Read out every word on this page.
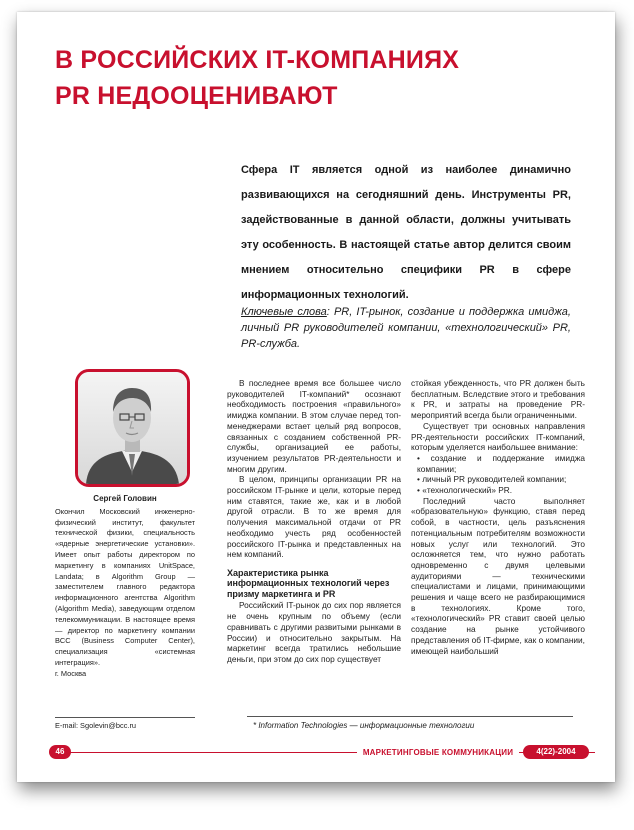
В РОССИЙСКИХ IT-КОМПАНИЯХ
PR НЕДООЦЕНИВАЮТ

Сфера IT является одной из наиболее динамично развивающихся на сегодняшний день. Инструменты PR, задействованные в данной области, должны учитывать эту особенность. В настоящей статье автор делится своим мнением относительно специфики PR в сфере информационных технологий.

Ключевые слова: PR, IT-рынок, создание и поддержка имиджа, личный PR руководителей компании, «технологический» PR, PR-служба.

Сергей Головин
Окончил Московский инженерно-физический институт, факультет технической физики, специальность «ядерные энергетические установки». Имеет опыт работы директором по маркетингу в компаниях UnitSpace, Landata; в Algorithm Group — заместителем главного редактора информационного агентства Algorithm (Algorithm Media), заведующим отделом телекоммуникации. В настоящее время — директор по маркетингу компании BCC (Business Computer Center), специализация «системная интеграция».
г. Москва
E-mail: Sgolevin@bcc.ru

В последнее время все большее число руководителей IT-компаний* осознают необходимость построения «правильного» имиджа компании. В этом случае перед топ-менеджерами встает целый ряд вопросов, связанных с созданием собственной PR-службы, организацией ее работы, изучением результатов PR-деятельности и многим другим.

В целом, принципы организации PR на российском IT-рынке и цели, которые перед ним ставятся, такие же, как и в любой другой отрасли. В то же время для получения максимальной отдачи от PR необходимо учесть ряд особенностей российского IT-рынка и представленных на нем компаний.

Характеристика рынка информационных технологий через призму маркетинга и PR

Российский IT-рынок до сих пор является не очень крупным по объему (если сравнивать с другими развитыми рынками в России) и относительно закрытым. На маркетинг всегда тратились небольшие деньги, при этом до сих пор существует

стойкая убежденность, что PR должен быть бесплатным. Вследствие этого и требования к PR, и затраты на проведение PR-мероприятий всегда были ограниченными.

Существует три основных направления PR-деятельности российских IT-компаний, которым уделяется наибольшее внимание:

• создание и поддержание имиджа компании;
• личный PR руководителей компании;
• «технологический» PR.

Последний часто выполняет «образовательную» функцию, ставя перед собой, в частности, цель разъяснения потенциальным потребителям возможности новых услуг или технологий. Это осложняется тем, что нужно работать одновременно с двумя целевыми аудиториями — техническими специалистами и лицами, принимающими решения и чаще всего не разбирающимися в технологиях. Кроме того, «технологический» PR ставит своей целью создание на рынке устойчивого представления об IT-фирме, как о компании, имеющей наибольший

* Information Technologies — информационные технологии
46	МАРКЕТИНГОВЫЕ КОММУНИКАЦИИ	4(22)-2004
